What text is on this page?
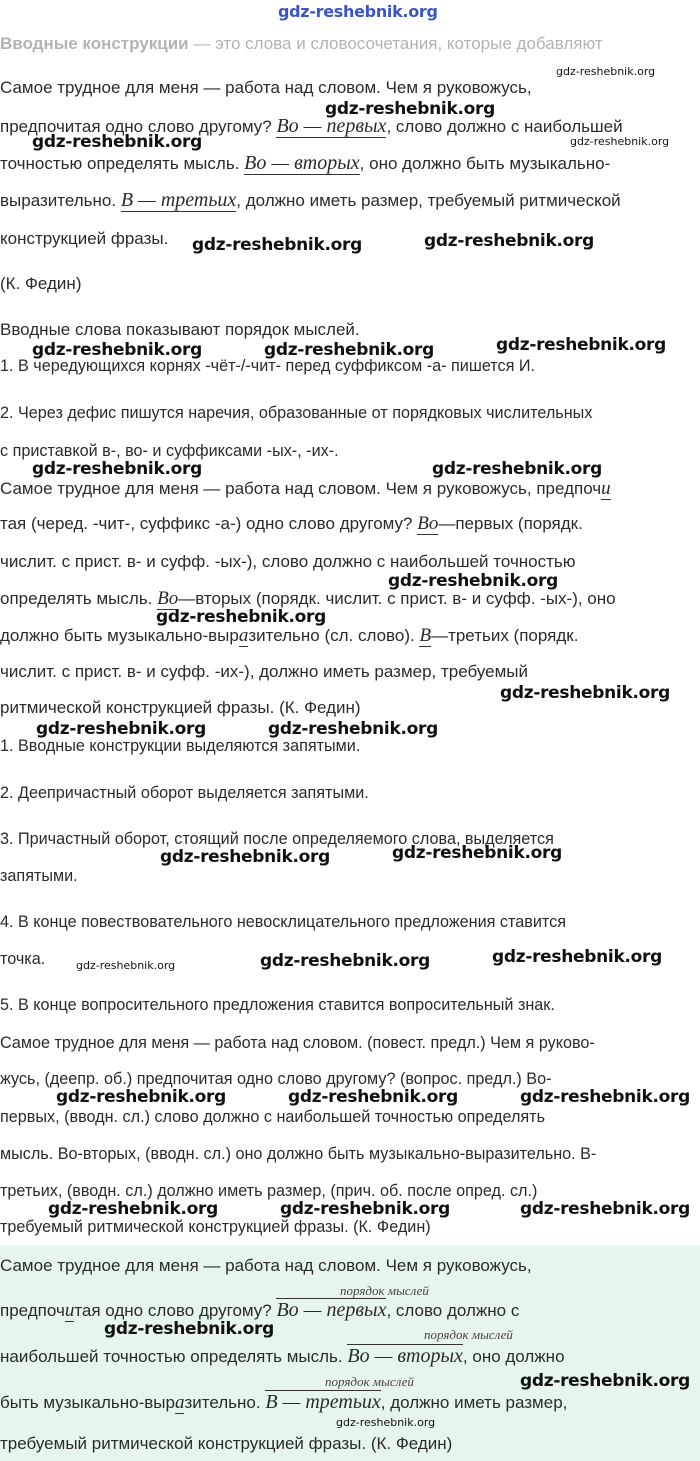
gdz-reshebnik.org
Вводные конструкции — это слова и словосочетания, которые добавляют
Самое трудное для меня — работа над словом. Чем я руковожусь,
предпочитая одно слово другому? Во — первых, слово должно с наибольшей
точностью определять мысль. Во — вторых, оно должно быть музыкально-
выразительно. В — третьих, должно иметь размер, требуемый ритмической
конструкцией фразы.
(К. Федин)
Вводные слова показывают порядок мыслей.
1. В чередующихся корнях -чёт-/-чит- перед суффиксом -а- пишется И.
2. Через дефис пишутся наречия, образованные от порядковых числительных
с приставкой в-, во- и суффиксами -ых-, -их-.
Самое трудное для меня — работа над словом. Чем я руковожусь, предпочи
тая (черед. -чит-, суффикс -а-) одно слово другому? Во—первых (порядк.
числит. с прист. в- и суфф. -ых-), слово должно с наибольшей точностью
определять мысль. Во—вторых (порядк. числит. с прист. в- и суфф. -ых-), оно
должно быть музыкально-выразительно (сл. слово). В—третьих (порядк.
числит. с прист. в- и суфф. -их-), должно иметь размер, требуемый
ритмической конструкцией фразы. (К. Федин)
1. Вводные конструкции выделяются запятыми.
2. Деепричастный оборот выделяется запятыми.
3. Причастный оборот, стоящий после определяемого слова, выделяется
запятыми.
4. В конце повествовательного невосклицательного предложения ставится
точка.
5. В конце вопросительного предложения ставится вопросительный знак.
Самое трудное для меня — работа над словом. (повест. предл.) Чем я руково-
жусь, (деепр. об.) предпочитая одно слово другому? (вопрос. предл.) Во-
первых, (вводн. сл.) слово должно с наибольшей точностью определять
мысль. Во-вторых, (вводн. сл.) оно должно быть музыкально-выразительно. В-
третьих, (вводн. сл.) должно иметь размер, (прич. об. после опред. сл.)
требуемый ритмической конструкцией фразы. (К. Федин)
Самое трудное для меня — работа над словом. Чем я руковожусь,
порядок мыслей
предпочитая одно слово другому? Во — первых, слово должно с
порядок мыслей
наибольшей точностью определять мысль. Во — вторых, оно должно
порядок мыслей
быть музыкально-выразительно. В — третьих, должно иметь размер,
требуемый ритмической конструкцией фразы. (К. Федин)
gdz-reshebnik.org
gdz-reshebnik.org
gdz-reshebnik.org	gdz-reshebnik.org
gdz-reshebnik.org	gdz-reshebnik.org
gdz-reshebnik.org	gdz-reshebnik.org	gdz-reshebnik.org
gdz-reshebnik.org	gdz-reshebnik.org
gdz-reshebnik.org
gdz-reshebnik.org
gdz-reshebnik.org
gdz-reshebnik.org	gdz-reshebnik.org
gdz-reshebnik.org	gdz-reshebnik.org
gdz-reshebnik.org	gdz-reshebnik.org	gdz-reshebnik.org
gdz-reshebnik.org	gdz-reshebnik.org	gdz-reshebnik.org
gdz-reshebnik.org	gdz-reshebnik.org	gdz-reshebnik.org
gdz-reshebnik.org
gdz-reshebnik.org
gdz-reshebnik.org
